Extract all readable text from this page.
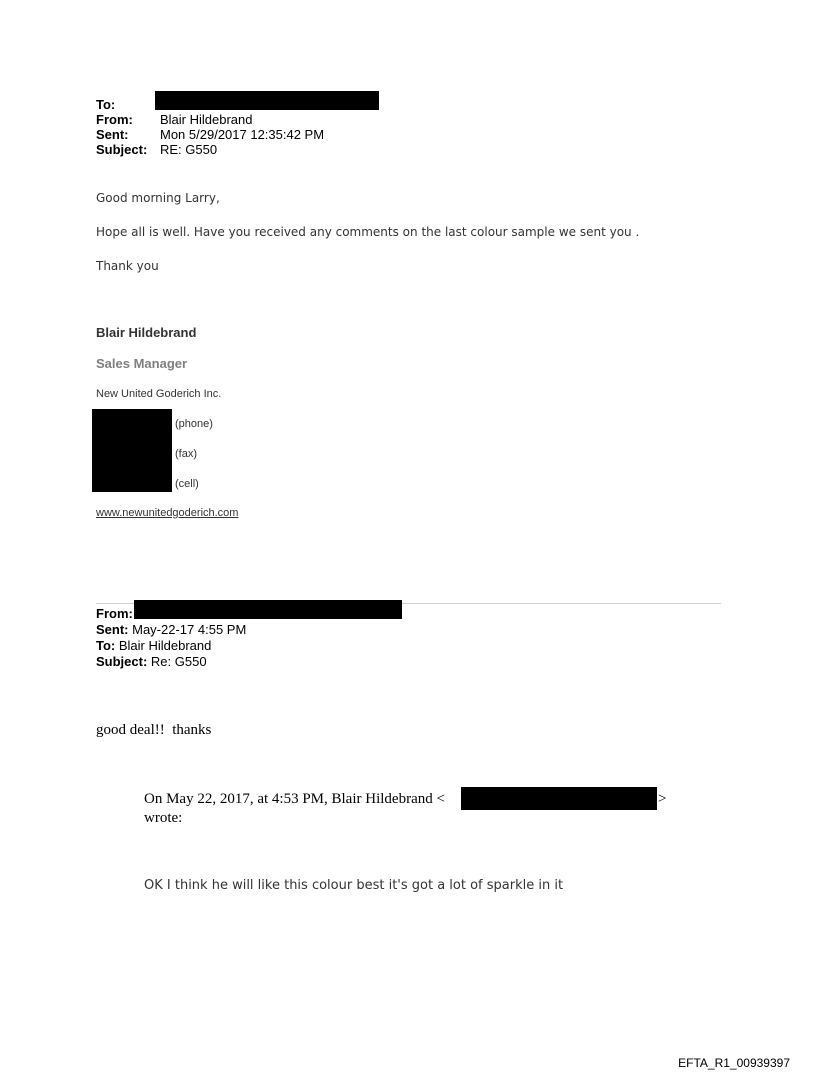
To:
From: Blair Hildebrand
Sent: Mon 5/29/2017 12:35:42 PM
Subject: RE: G550
Good morning Larry,
Hope all is well. Have you received any comments on the last colour sample we sent you .
Thank you
Blair Hildebrand
Sales Manager
New United Goderich Inc.
(phone)
(fax)
(cell)
www.newunitedgoderich.com
From:
Sent: May-22-17 4:55 PM
To: Blair Hildebrand
Subject: Re: G550
good deal!!  thanks
On May 22, 2017, at 4:53 PM, Blair Hildebrand <	>
wrote:
OK I think he will like this colour best it's got a lot of sparkle in it
EFTA_R1_00939397
